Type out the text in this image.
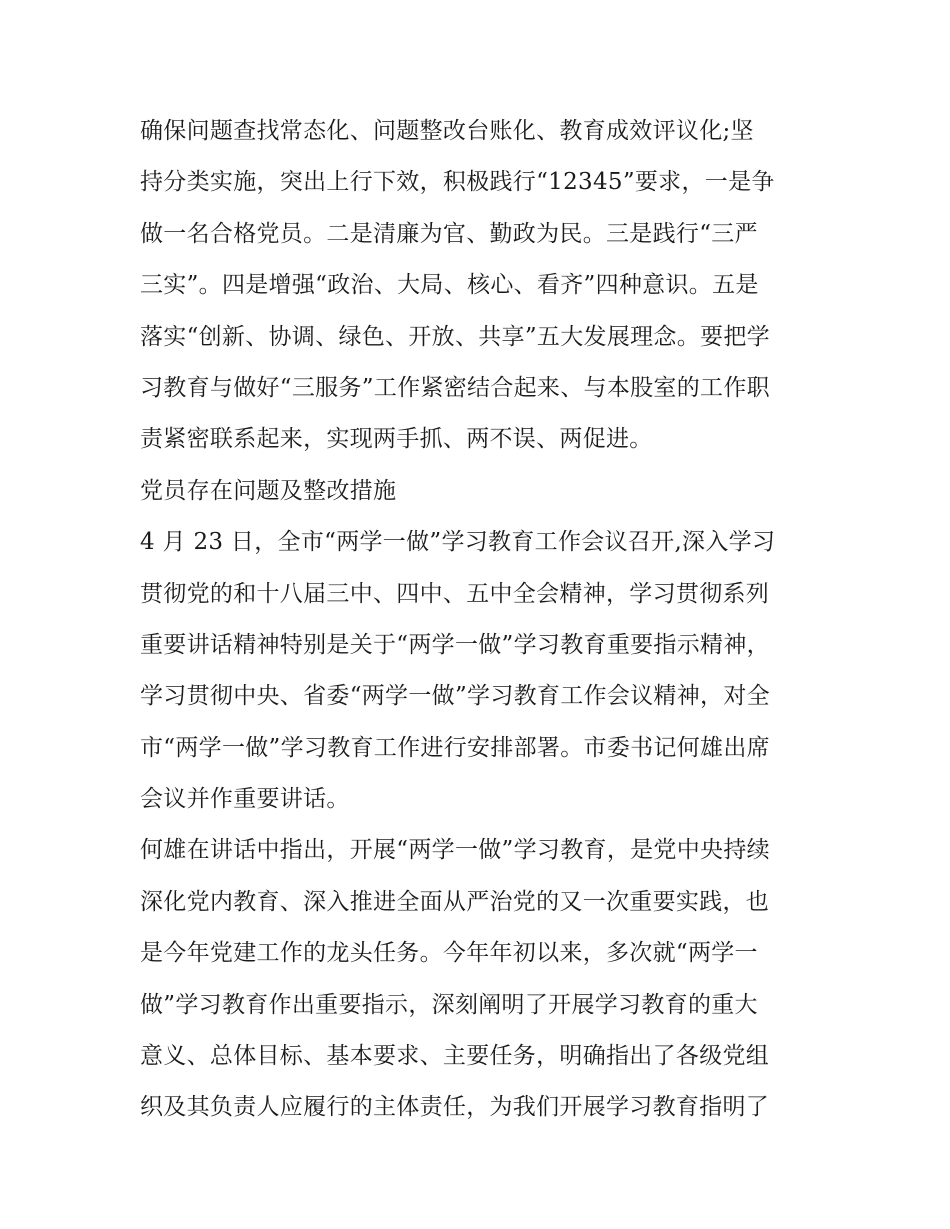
确保问题查找常态化、问题整改台账化、教育成效评议化;坚
持分类实施，突出上行下效，积极践行“12345”要求，一是争
做一名合格党员。二是清廉为官、勤政为民。三是践行“三严
三实”。四是增强“政治、大局、核心、看齐”四种意识。五是
落实“创新、协调、绿色、开放、共享”五大发展理念。要把学
习教育与做好“三服务”工作紧密结合起来、与本股室的工作职
责紧密联系起来，实现两手抓、两不误、两促进。
党员存在问题及整改措施
4 月 23 日，全市“两学一做”学习教育工作会议召开,深入学习
贯彻党的和十八届三中、四中、五中全会精神，学习贯彻系列
重要讲话精神特别是关于“两学一做”学习教育重要指示精神，
学习贯彻中央、省委“两学一做”学习教育工作会议精神，对全
市“两学一做”学习教育工作进行安排部署。市委书记何雄出席
会议并作重要讲话。
何雄在讲话中指出，开展“两学一做”学习教育，是党中央持续
深化党内教育、深入推进全面从严治党的又一次重要实践，也
是今年党建工作的龙头任务。今年年初以来，多次就“两学一
做”学习教育作出重要指示，深刻阐明了开展学习教育的重大
意义、总体目标、基本要求、主要任务，明确指出了各级党组
织及其负责人应履行的主体责任，为我们开展学习教育指明了
